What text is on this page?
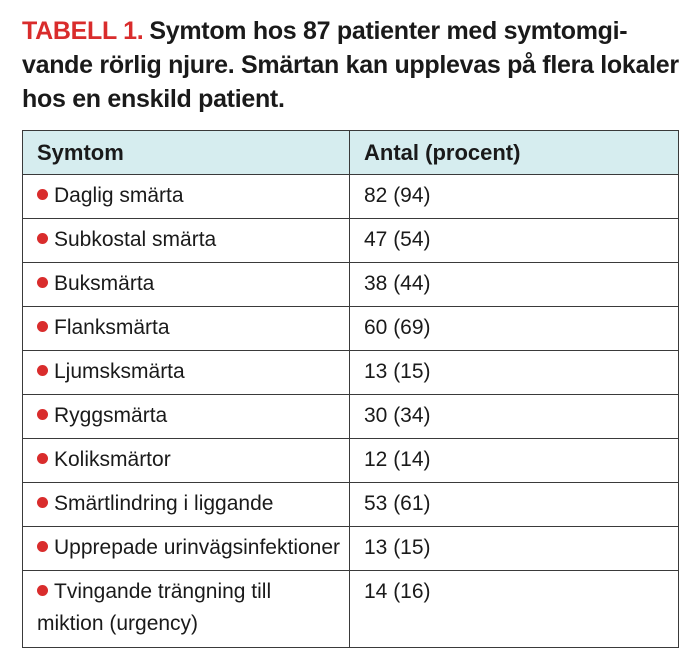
TABELL 1. Symtom hos 87 patienter med symtomgivande rörlig njure. Smärtan kan upplevas på flera lokaler hos en enskild patient.
Symtom	Antal (procent)
Daglig smärta	82 (94)
Subkostal smärta	47 (54)
Buksmärta	38 (44)
Flanksmärta	60 (69)
Ljumsksmärta	13 (15)
Ryggsmärta	30 (34)
Koliksmärtor	12 (14)
Smärtlindring i liggande	53 (61)
Upprepade urinvägsinfektioner	13 (15)
Tvingande trängning till miktion (urgency)	14 (16)
